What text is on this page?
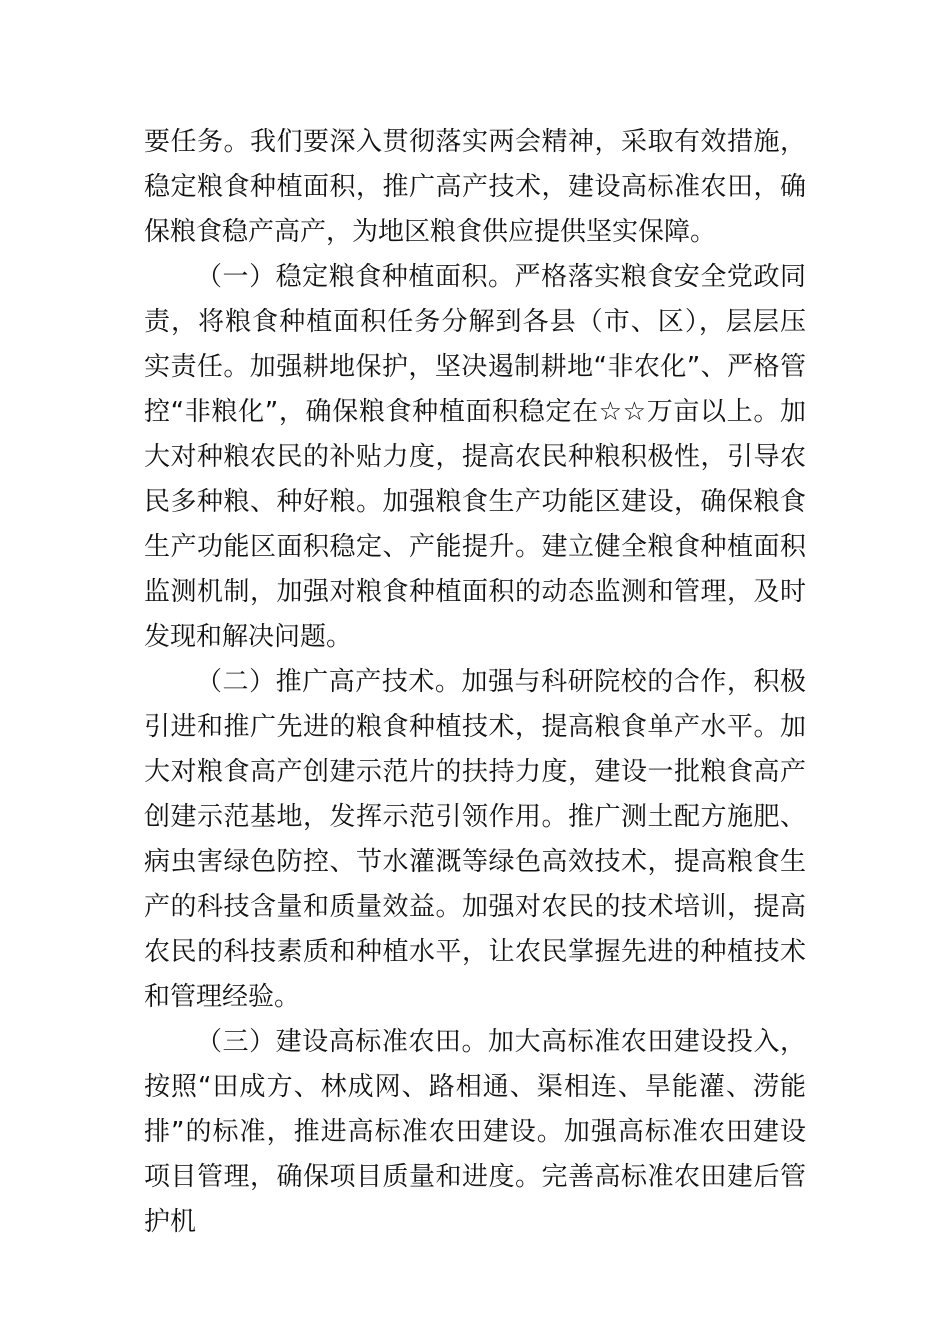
要任务。我们要深入贯彻落实两会精神，采取有效措施，稳定粮食种植面积，推广高产技术，建设高标准农田，确保粮食稳产高产，为地区粮食供应提供坚实保障。

（一）稳定粮食种植面积。严格落实粮食安全党政同责，将粮食种植面积任务分解到各县（市、区），层层压实责任。加强耕地保护，坚决遏制耕地“非农化”、严格管控“非粮化”，确保粮食种植面积稳定在☆☆万亩以上。加大对种粮农民的补贴力度，提高农民种粮积极性，引导农民多种粮、种好粮。加强粮食生产功能区建设，确保粮食生产功能区面积稳定、产能提升。建立健全粮食种植面积监测机制，加强对粮食种植面积的动态监测和管理，及时发现和解决问题。

（二）推广高产技术。加强与科研院校的合作，积极引进和推广先进的粮食种植技术，提高粮食单产水平。加大对粮食高产创建示范片的扶持力度，建设一批粮食高产创建示范基地，发挥示范引领作用。推广测土配方施肥、病虫害绿色防控、节水灌溉等绿色高效技术，提高粮食生产的科技含量和质量效益。加强对农民的技术培训，提高农民的科技素质和种植水平，让农民掌握先进的种植技术和管理经验。

（三）建设高标准农田。加大高标准农田建设投入，按照“田成方、林成网、路相通、渠相连、旱能灌、涝能排”的标准，推进高标准农田建设。加强高标准农田建设项目管理，确保项目质量和进度。完善高标准农田建后管护机
